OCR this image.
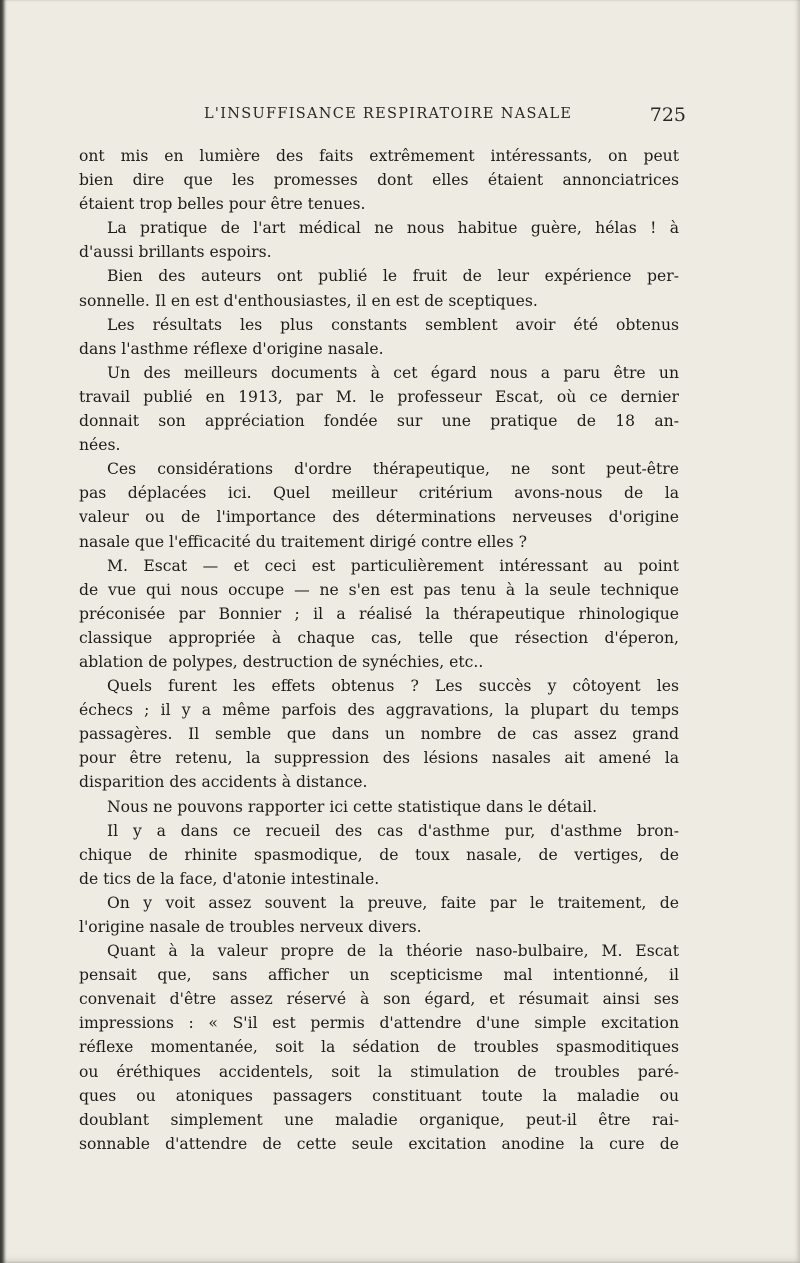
L'INSUFFISANCE RESPIRATOIRE NASALE	725
ont mis en lumière des faits extrêmement intéressants, on peut
bien dire que les promesses dont elles étaient annonciatrices
étaient trop belles pour être tenues.
La pratique de l'art médical ne nous habitue guère, hélas ! à
d'aussi brillants espoirs.
Bien des auteurs ont publié le fruit de leur expérience per-
sonnelle. Il en est d'enthousiastes, il en est de sceptiques.
Les résultats les plus constants semblent avoir été obtenus
dans l'asthme réflexe d'origine nasale.
Un des meilleurs documents à cet égard nous a paru être un
travail publié en 1913, par M. le professeur Escat, où ce dernier
donnait son appréciation fondée sur une pratique de 18 an-
nées.
Ces considérations d'ordre thérapeutique, ne sont peut-être
pas déplacées ici. Quel meilleur critérium avons-nous de la
valeur ou de l'importance des déterminations nerveuses d'origine
nasale que l'efficacité du traitement dirigé contre elles ?
M. Escat — et ceci est particulièrement intéressant au point
de vue qui nous occupe — ne s'en est pas tenu à la seule technique
préconisée par Bonnier ; il a réalisé la thérapeutique rhinologique
classique appropriée à chaque cas, telle que résection d'éperon,
ablation de polypes, destruction de synéchies, etc..
Quels furent les effets obtenus ? Les succès y côtoyent les
échecs ; il y a même parfois des aggravations, la plupart du temps
passagères. Il semble que dans un nombre de cas assez grand
pour être retenu, la suppression des lésions nasales ait amené la
disparition des accidents à distance.
Nous ne pouvons rapporter ici cette statistique dans le détail.
Il y a dans ce recueil des cas d'asthme pur, d'asthme bron-
chique de rhinite spasmodique, de toux nasale, de vertiges, de
de tics de la face, d'atonie intestinale.
On y voit assez souvent la preuve, faite par le traitement, de
l'origine nasale de troubles nerveux divers.
Quant à la valeur propre de la théorie naso-bulbaire, M. Escat
pensait que, sans afficher un scepticisme mal intentionné, il
convenait d'être assez réservé à son égard, et résumait ainsi ses
impressions : « S'il est permis d'attendre d'une simple excitation
réflexe momentanée, soit la sédation de troubles spasmoditiques
ou éréthiques accidentels, soit la stimulation de troubles paré-
ques ou atoniques passagers constituant toute la maladie ou
doublant simplement une maladie organique, peut-il être rai-
sonnable d'attendre de cette seule excitation anodine la cure de
